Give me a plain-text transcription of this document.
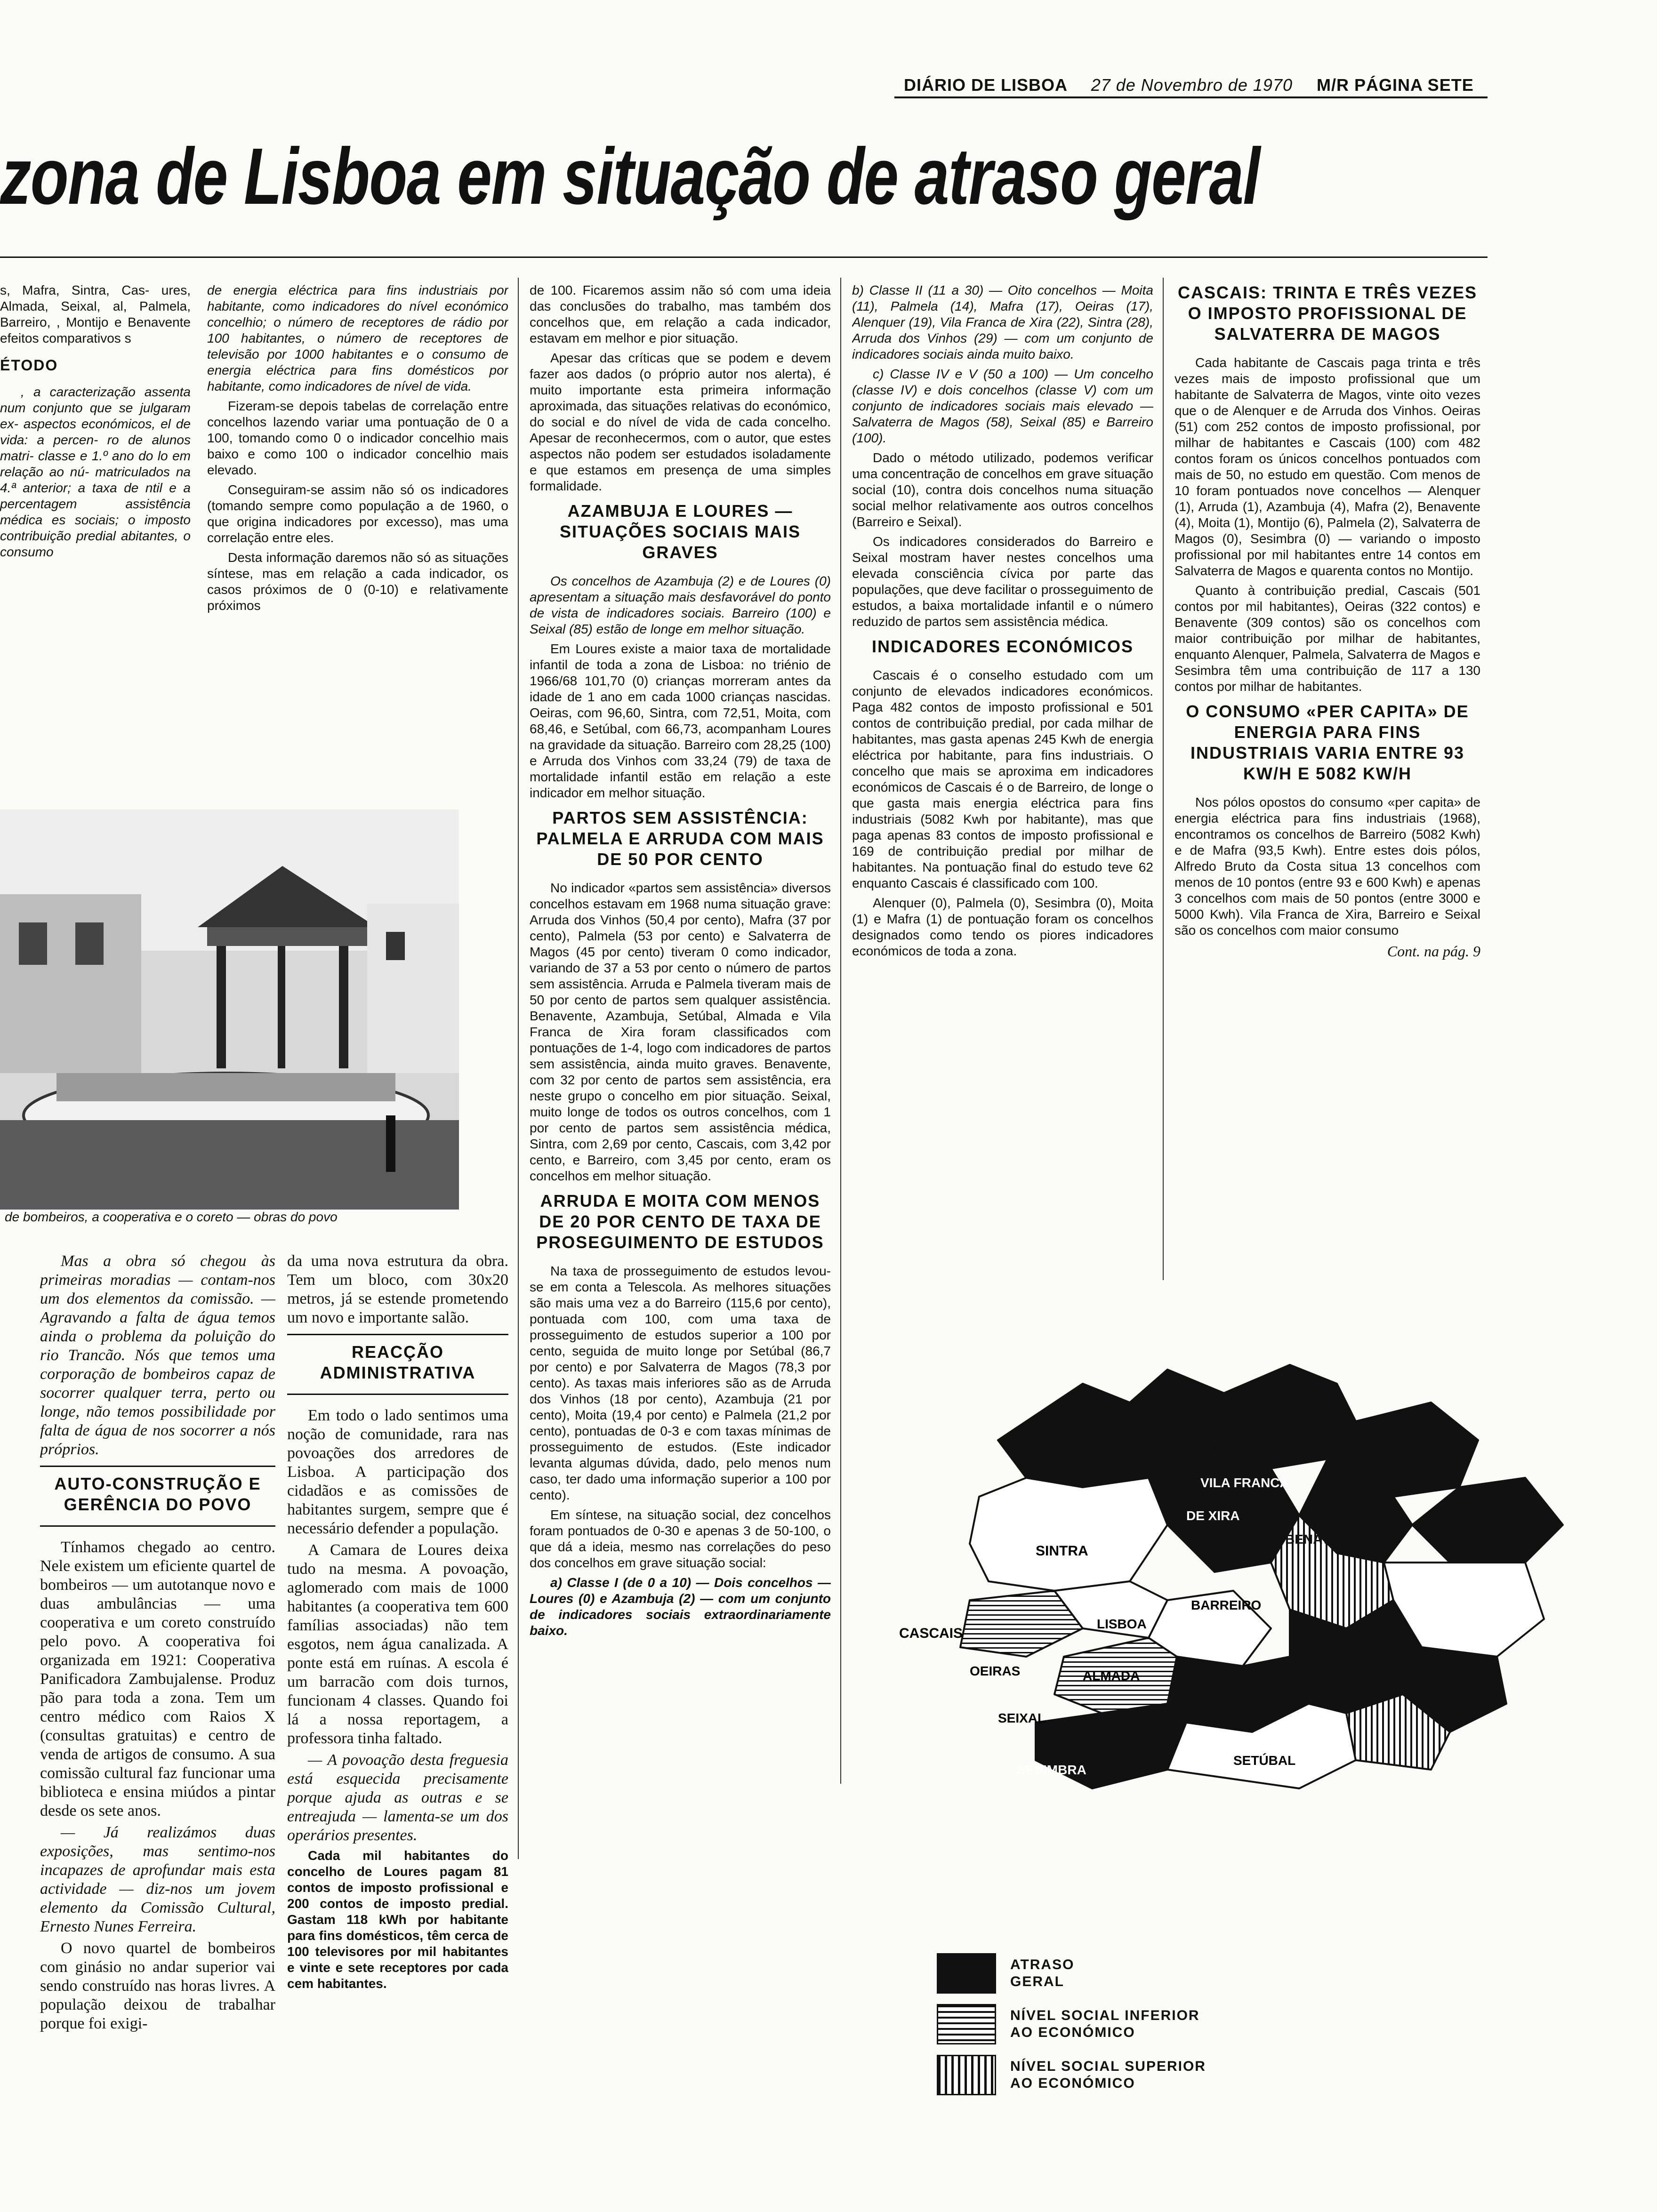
DIÁRIO DE LISBOA 27 de Novembro de 1970 M/R PÁGINA SETE
zona de Lisboa em situação de atraso geral

s, Mafra, Sintra, Cas- ures, Almada, Seixal, al, Palmela, Barreiro, , Montijo e Benavente efeitos comparativos s

ÉTODO

, a caracterização assenta num conjunto que se julgaram ex- aspectos económicos, el de vida: a percen- ro de alunos matri- classe e 1.º ano do lo em relação ao nú- matriculados na 4.ª anterior; a taxa de ntil e a percentagem assistência médica es sociais; o imposto contribuição predial abitantes, o consumo

de energia eléctrica para fins industriais por habitante, como indicadores do nível económico concelhio; o número de receptores de rádio por 100 habitantes, o número de receptores de televisão por 1000 habitantes e o consumo de energia eléctrica para fins domésticos por habitante, como indicadores de nível de vida.

Fizeram-se depois tabelas de correlação entre concelhos lazendo variar uma pontuação de 0 a 100, tomando como 0 o indicador concelhio mais baixo e como 100 o indicador concelhio mais elevado.

Conseguiram-se assim não só os indicadores (tomando sempre como população a de 1960, o que origina indicadores por excesso), mas uma correlação entre eles.

Desta informação daremos não só as situações síntese, mas em relação a cada indicador, os casos próximos de 0 (0-10) e relativamente próximos

de 100. Ficaremos assim não só com uma ideia das conclusões do trabalho, mas também dos concelhos que, em relação a cada indicador, estavam em melhor e pior situação.

Apesar das críticas que se podem e devem fazer aos dados (o próprio autor nos alerta), é muito importante esta primeira informação aproximada, das situações relativas do económico, do social e do nível de vida de cada concelho. Apesar de reconhecermos, com o autor, que estes aspectos não podem ser estudados isoladamente e que estamos em presença de uma simples formalidade.

AZAMBUJA E LOURES — SITUAÇÕES SOCIAIS MAIS GRAVES

Os concelhos de Azambuja (2) e de Loures (0) apresentam a situação mais desfavorável do ponto de vista de indicadores sociais. Barreiro (100) e Seixal (85) estão de longe em melhor situação.

Em Loures existe a maior taxa de mortalidade infantil de toda a zona de Lisboa: no triénio de 1966/68 101,70 (0) crianças morreram antes da idade de 1 ano em cada 1000 crianças nascidas. Oeiras, com 96,60, Sintra, com 72,51, Moita, com 68,46, e Setúbal, com 66,73, acompanham Loures na gravidade da situação. Barreiro com 28,25 (100) e Arruda dos Vinhos com 33,24 (79) de taxa de mortalidade infantil estão em relação a este indicador em melhor situação.

PARTOS SEM ASSISTÊNCIA: PALMELA E ARRUDA COM MAIS DE 50 POR CENTO

No indicador «partos sem assistência» diversos concelhos estavam em 1968 numa situação grave: Arruda dos Vinhos (50,4 por cento), Mafra (37 por cento), Palmela (53 por cento) e Salvaterra de Magos (45 por cento) tiveram 0 como indicador, variando de 37 a 53 por cento o número de partos sem assistência. Arruda e Palmela tiveram mais de 50 por cento de partos sem qualquer assistência. Benavente, Azambuja, Setúbal, Almada e Vila Franca de Xira foram classificados com pontuações de 1-4, logo com indicadores de partos sem assistência, ainda muito graves. Benavente, com 32 por cento de partos sem assistência, era neste grupo o concelho em pior situação. Seixal, muito longe de todos os outros concelhos, com 1 por cento de partos sem assistência médica, Sintra, com 2,69 por cento, Cascais, com 3,42 por cento, e Barreiro, com 3,45 por cento, eram os concelhos em melhor situação.

ARRUDA E MOITA COM MENOS DE 20 POR CENTO DE TAXA DE PROSEGUIMENTO DE ESTUDOS

Na taxa de prosseguimento de estudos levou-se em conta a Telescola. As melhores situações são mais uma vez a do Barreiro (115,6 por cento), pontuada com 100, com uma taxa de prosseguimento de estudos superior a 100 por cento, seguida de muito longe por Setúbal (86,7 por cento) e por Salvaterra de Magos (78,3 por cento). As taxas mais inferiores são as de Arruda dos Vinhos (18 por cento), Azambuja (21 por cento), Moita (19,4 por cento) e Palmela (21,2 por cento), pontuadas de 0-3 e com taxas mínimas de prosseguimento de estudos. (Este indicador levanta algumas dúvida, dado, pelo menos num caso, ter dado uma informação superior a 100 por cento).

Em síntese, na situação social, dez concelhos foram pontuados de 0-30 e apenas 3 de 50-100, o que dá a ideia, mesmo nas correlações do peso dos concelhos em grave situação social:

a) Classe I (de 0 a 10) — Dois concelhos — Loures (0) e Azambuja (2) — com um conjunto de indicadores sociais extraordinariamente baixo.

b) Classe II (11 a 30) — Oito concelhos — Moita (11), Palmela (14), Mafra (17), Oeiras (17), Alenquer (19), Vila Franca de Xira (22), Sintra (28), Arruda dos Vinhos (29) — com um conjunto de indicadores sociais ainda muito baixo.

c) Classe IV e V (50 a 100) — Um concelho (classe IV) e dois concelhos (classe V) com um conjunto de indicadores sociais mais elevado — Salvaterra de Magos (58), Seixal (85) e Barreiro (100).

Dado o método utilizado, podemos verificar uma concentração de concelhos em grave situação social (10), contra dois concelhos numa situação social melhor relativamente aos outros concelhos (Barreiro e Seixal).

Os indicadores considerados do Barreiro e Seixal mostram haver nestes concelhos uma elevada consciência cívica por parte das populações, que deve facilitar o prosseguimento de estudos, a baixa mortalidade infantil e o número reduzido de partos sem assistência médica.

INDICADORES ECONÓMICOS

Cascais é o conselho estudado com um conjunto de elevados indicadores económicos. Paga 482 contos de imposto profissional e 501 contos de contribuição predial, por cada milhar de habitantes, mas gasta apenas 245 Kwh de energia eléctrica por habitante, para fins industriais. O concelho que mais se aproxima em indicadores económicos de Cascais é o de Barreiro, de longe o que gasta mais energia eléctrica para fins industriais (5082 Kwh por habitante), mas que paga apenas 83 contos de imposto profissional e 169 de contribuição predial por milhar de habitantes. Na pontuação final do estudo teve 62 enquanto Cascais é classificado com 100.

Alenquer (0), Palmela (0), Sesimbra (0), Moita (1) e Mafra (1) de pontuação foram os concelhos designados como tendo os piores indicadores económicos de toda a zona.

CASCAIS: TRINTA E TRÊS VEZES O IMPOSTO PROFISSIONAL DE SALVATERRA DE MAGOS

Cada habitante de Cascais paga trinta e três vezes mais de imposto profissional que um habitante de Salvaterra de Magos, vinte oito vezes que o de Alenquer e de Arruda dos Vinhos. Oeiras (51) com 252 contos de imposto profissional, por milhar de habitantes e Cascais (100) com 482 contos foram os únicos concelhos pontuados com mais de 50, no estudo em questão. Com menos de 10 foram pontuados nove concelhos — Alenquer (1), Arruda (1), Azambuja (4), Mafra (2), Benavente (4), Moita (1), Montijo (6), Palmela (2), Salvaterra de Magos (0), Sesimbra (0) — variando o imposto profissional por mil habitantes entre 14 contos em Salvaterra de Magos e quarenta contos no Montijo.

Quanto à contribuição predial, Cascais (501 contos por mil habitantes), Oeiras (322 contos) e Benavente (309 contos) são os concelhos com maior contribuição por milhar de habitantes, enquanto Alenquer, Palmela, Salvaterra de Magos e Sesimbra têm uma contribuição de 117 a 130 contos por milhar de habitantes.

O CONSUMO «PER CAPITA» DE ENERGIA PARA FINS INDUSTRIAIS VARIA ENTRE 93 KW/H E 5082 KW/H

Nos pólos opostos do consumo «per capita» de energia eléctrica para fins industriais (1968), encontramos os concelhos de Barreiro (5082 Kwh) e de Mafra (93,5 Kwh). Entre estes dois pólos, Alfredo Bruto da Costa situa 13 concelhos com menos de 10 pontos (entre 93 e 600 Kwh) e apenas 3 concelhos com mais de 50 pontos (entre 3000 e 5000 Kwh). Vila Franca de Xira, Barreiro e Seixal são os concelhos com maior consumo

Cont. na pág. 9
de bombeiros, a cooperativa e o coreto — obras do povo

Mas a obra só chegou às primeiras moradias — contam-nos um dos elementos da comissão. — Agravando a falta de água temos ainda o problema da poluição do rio Trancão. Nós que temos uma corporação de bombeiros capaz de socorrer qualquer terra, perto ou longe, não temos possibilidade por falta de água de nos socorrer a nós próprios.

AUTO-CONSTRUÇÃO E GERÊNCIA DO POVO

Tínhamos chegado ao centro. Nele existem um eficiente quartel de bombeiros — um autotanque novo e duas ambulâncias — uma cooperativa e um coreto construído pelo povo. A cooperativa foi organizada em 1921: Cooperativa Panificadora Zambujalense. Produz pão para toda a zona. Tem um centro médico com Raios X (consultas gratuitas) e centro de venda de artigos de consumo. A sua comissão cultural faz funcionar uma biblioteca e ensina miúdos a pintar desde os sete anos.

— Já realizámos duas exposições, mas sentimo-nos incapazes de aprofundar mais esta actividade — diz-nos um jovem elemento da Comissão Cultural, Ernesto Nunes Ferreira.

O novo quartel de bombeiros com ginásio no andar superior vai sendo construído nas horas livres. A população deixou de trabalhar porque foi exigi-

da uma nova estrutura da obra. Tem um bloco, com 30x20 metros, já se estende prometendo um novo e importante salão.

REACÇÃO ADMINISTRATIVA

Em todo o lado sentimos uma noção de comunidade, rara nas povoações dos arredores de Lisboa. A participação dos cidadãos e as comissões de habitantes surgem, sempre que é necessário defender a população.

A Camara de Loures deixa tudo na mesma. A povoação, aglomerado com mais de 1000 habitantes (a cooperativa tem 600 famílias associadas) não tem esgotos, nem água canalizada. A ponte está em ruínas. A escola é um barracão com dois turnos, funcionam 4 classes. Quando foi lá a nossa reportagem, a professora tinha faltado.

— A povoação desta freguesia está esquecida precisamente porque ajuda as outras e se entreajuda — lamenta-se um dos operários presentes.

Cada mil habitantes do concelho de Loures pagam 81 contos de imposto profissional e 200 contos de imposto predial. Gastam 118 kWh por habitante para fins domésticos, têm cerca de 100 televisores por mil habitantes e vinte e sete receptores por cada cem habitantes.

SINTRA
VILA FRANCA
DE XIRA
BENAVENTE
BARREIRO
CASCAIS
LISBOA
OEIRAS	ALMADA
SEIXAL
SESIMBRA
SETÚBAL
ATRASO
GERAL
NÍVEL SOCIAL INFERIOR
AO ECONÓMICO
NÍVEL SOCIAL SUPERIOR
AO ECONÓMICO
